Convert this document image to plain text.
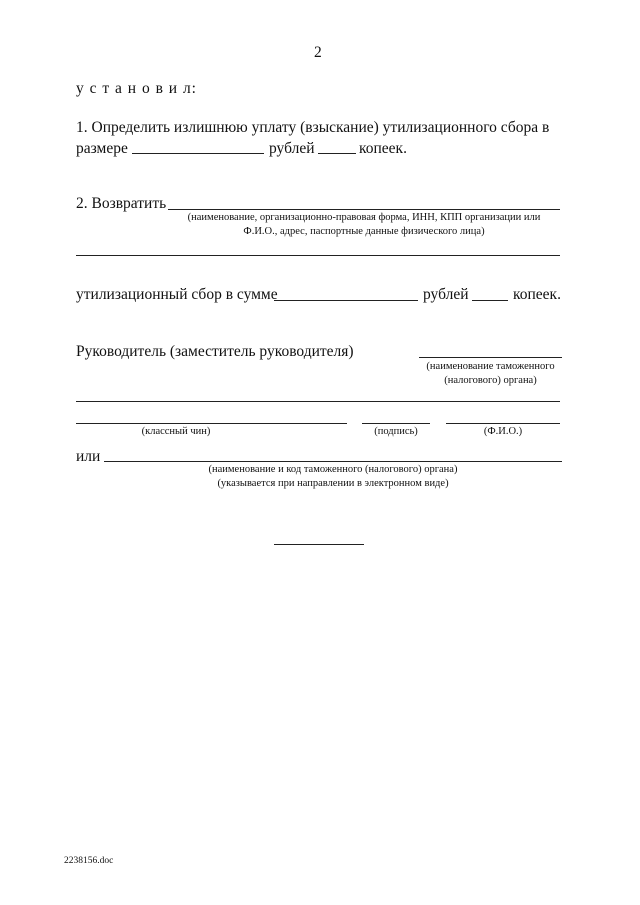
2
у с т а н о в и л:
1. Определить излишнюю уплату (взыскание) утилизационного сбора в
размере	рублей	копеек.
2. Возвратить
(наименование, организационно-правовая форма, ИНН, КПП организации или
Ф.И.О., адрес, паспортные данные физического лица)
утилизационный сбор в сумме	рублей	копеек.
Руководитель (заместитель руководителя)
(наименование таможенного
(налогового) органа)
(классный чин)	(подпись)	(Ф.И.О.)
или
(наименование и код таможенного (налогового) органа)
(указывается при направлении в электронном виде)
2238156.doc
